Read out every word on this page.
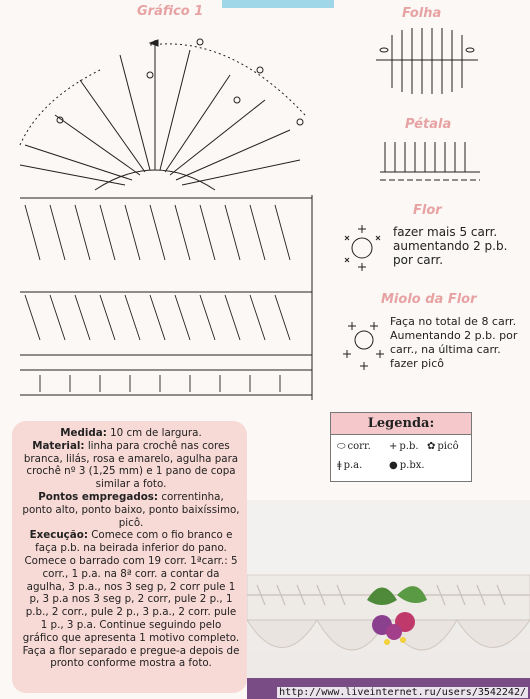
Gráfico 1	Folha
Pétala
Flor
Miolo da Flor
fazer mais 5 carr.
aumentando 2 p.b.
por carr.
Faça no total de 8 carr.
Aumentando 2 p.b. por
carr., na última carr.
fazer picô
Legenda:
⬭ corr. + p.b. ✿ picô
ǂ p.a.	● p.bx.
Medida: 10 cm de largura.
Material: linha para crochê nas cores branca, lilás, rosa e amarelo, agulha para crochê nº 3 (1,25 mm) e 1 pano de copa similar a foto.
Pontos empregados: correntinha, ponto alto, ponto baixo, ponto baixíssimo, picô.
Execução: Comece com o fio branco e faça p.b. na beirada inferior do pano. Comece o barrado com 19 corr. 1ªcarr.: 5 corr., 1 p.a. na 8ª corr. a contar da agulha, 3 p.a., nos 3 seg p, 2 corr pule 1 p, 3 p.a nos 3 seg p, 2 corr, pule 2 p., 1 p.b., 2 corr., pule 2 p., 3 p.a., 2 corr. pule 1 p., 3 p.a. Continue seguindo pelo gráfico que apresenta 1 motivo completo. Faça a flor separado e pregue-a depois de pronto conforme mostra a foto.
http://www.liveinternet.ru/users/3542242/
